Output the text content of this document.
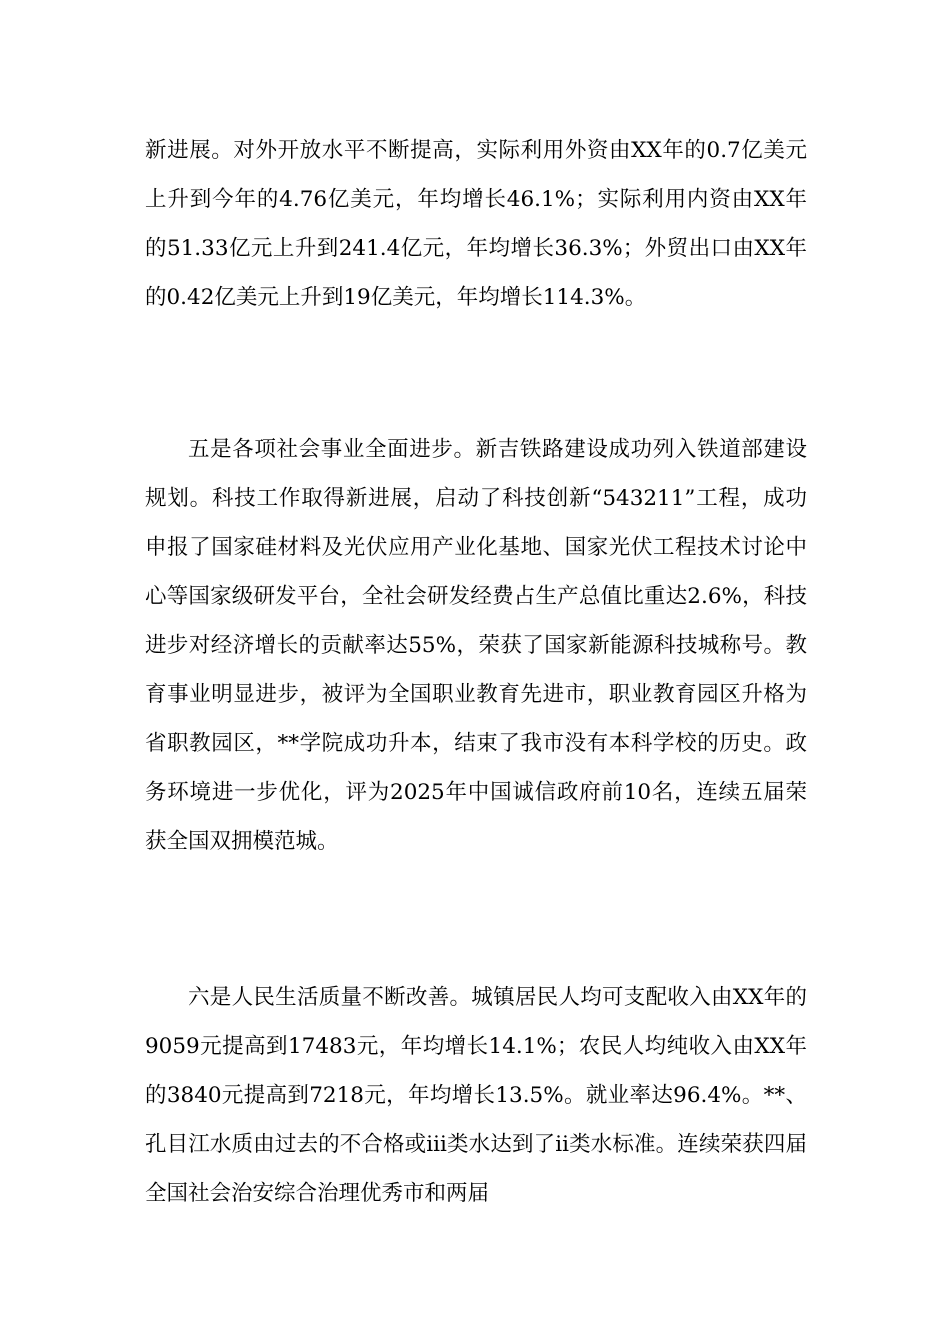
新进展。对外开放水平不断提高，实际利用外资由XX年的0.7亿美元上升到今年的4.76亿美元，年均增长46.1%；实际利用内资由XX年的51.33亿元上升到241.4亿元，年均增长36.3%；外贸出口由XX年的0.42亿美元上升到19亿美元，年均增长114.3%。

五是各项社会事业全面进步。新吉铁路建设成功列入铁道部建设规划。科技工作取得新进展，启动了科技创新“543211”工程，成功申报了国家硅材料及光伏应用产业化基地、国家光伏工程技术讨论中心等国家级研发平台，全社会研发经费占生产总值比重达2.6%，科技进步对经济增长的贡献率达55%，荣获了国家新能源科技城称号。教育事业明显进步，被评为全国职业教育先进市，职业教育园区升格为省职教园区，**学院成功升本，结束了我市没有本科学校的历史。政务环境进一步优化，评为2025年中国诚信政府前10名，连续五届荣获全国双拥模范城。

六是人民生活质量不断改善。城镇居民人均可支配收入由XX年的9059元提高到17483元，年均增长14.1%；农民人均纯收入由XX年的3840元提高到7218元，年均增长13.5%。就业率达96.4%。**、孔目江水质由过去的不合格或iii类水达到了ii类水标准。连续荣获四届全国社会治安综合治理优秀市和两届
